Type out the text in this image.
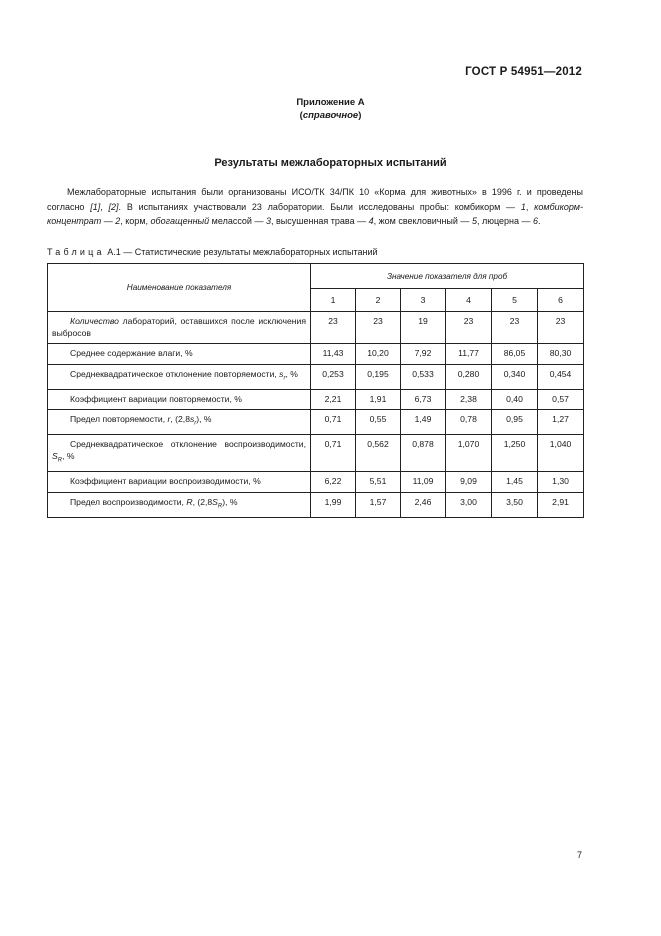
ГОСТ Р 54951—2012
Приложение А
(справочное)
Результаты межлабораторных испытаний

Межлабораторные испытания были организованы ИСО/ТК 34/ПК 10 «Корма для животных» в 1996 г. и проведены согласно [1], [2]. В испытаниях участвовали 23 лаборатории. Были исследованы пробы: комбикорм — 1, комбикорм-концентрат — 2, корм, обогащенный мелассой — 3, высушенная трава — 4, жом свекловичный — 5, люцерна — 6.

Таблица А.1 — Статистические результаты межлабораторных испытаний
Наименование показателя	Значение показателя для проб					
	1	2	3	4	5	6
Количество лабораторий, оставшихся после исключения выбросов	23	23	19	23	23	23
Среднее содержание влаги, %	11,43	10,20	7,92	11,77	86,05	80,30
Среднеквадратическое отклонение повторяемости, $s_r$, %	0,253	0,195	0,533	0,280	0,340	0,454
Коэффициент вариации повторяемости, %	2,21	1,91	6,73	2,38	0,40	0,57
Предел повторяемости, r, $(2,8s_r)$, %	0,71	0,55	1,49	0,78	0,95	1,27
Среднеквадратическое отклонение воспроизводимости, $S_R$, %	0,71	0,562	0,878	1,070	1,250	1,040
Коэффициент вариации воспроизводимости, %	6,22	5,51	11,09	9,09	1,45	1,30
Предел воспроизводимости, R, $(2,8S_R)$, %	1,99	1,57	2,46	3,00	3,50	2,91
7
